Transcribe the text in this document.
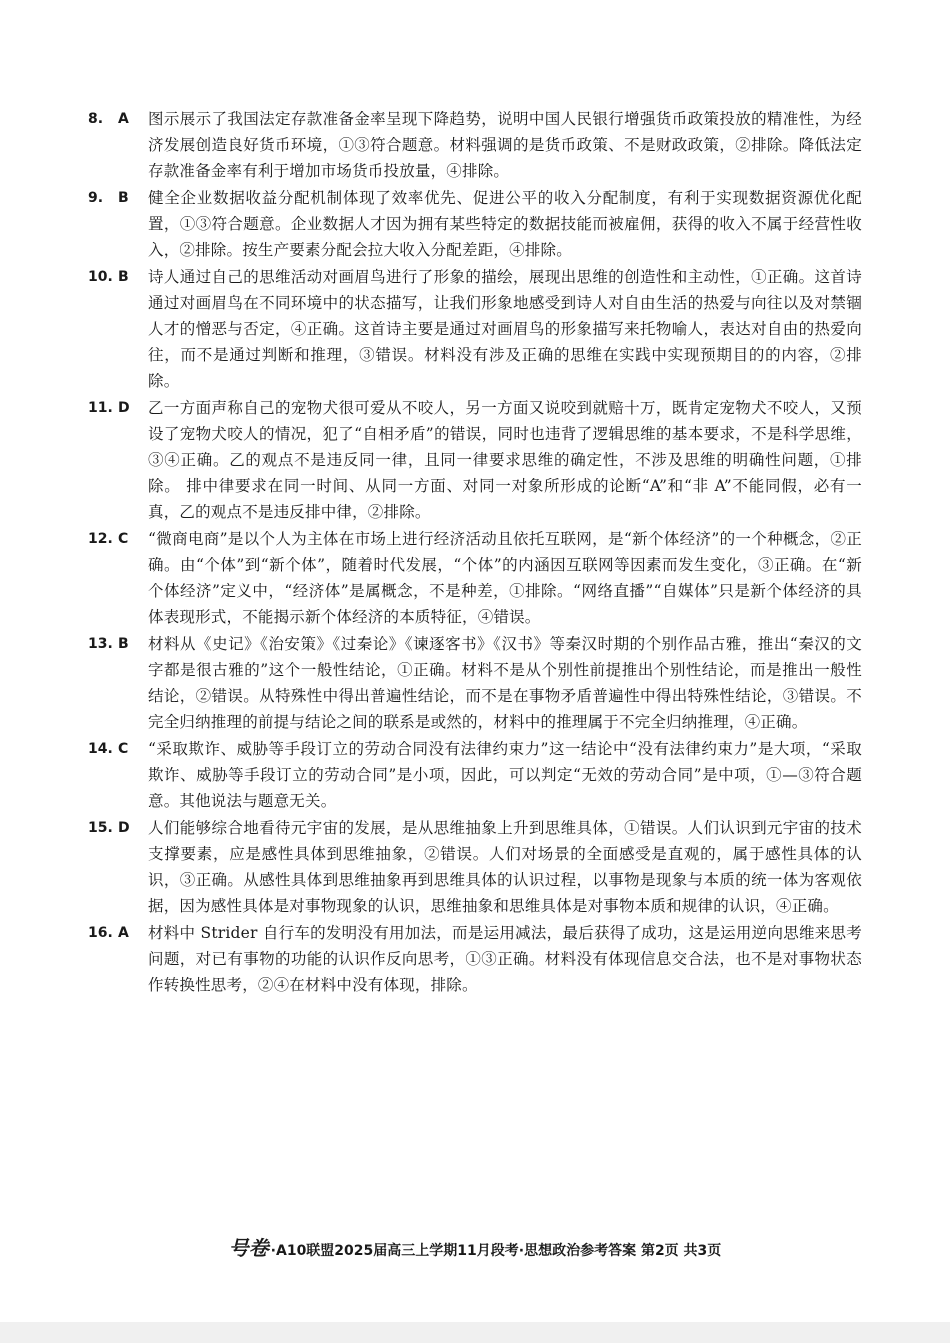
8.	A	图示展示了我国法定存款准备金率呈现下降趋势，说明中国人民银行增强货币政策投放的精准性，为经济发展创造良好货币环境，①③符合题意。材料强调的是货币政策、不是财政政策，②排除。降低法定存款准备金率有利于增加市场货币投放量，④排除。
9.	B	健全企业数据收益分配机制体现了效率优先、促进公平的收入分配制度，有利于实现数据资源优化配置，①③符合题意。企业数据人才因为拥有某些特定的数据技能而被雇佣，获得的收入不属于经营性收入，②排除。按生产要素分配会拉大收入分配差距，④排除。
10. B	诗人通过自己的思维活动对画眉鸟进行了形象的描绘，展现出思维的创造性和主动性，①正确。这首诗通过对画眉鸟在不同环境中的状态描写，让我们形象地感受到诗人对自由生活的热爱与向往以及对禁锢人才的憎恶与否定，④正确。这首诗主要是通过对画眉鸟的形象描写来托物喻人，表达对自由的热爱向往，而不是通过判断和推理，③错误。材料没有涉及正确的思维在实践中实现预期目的的内容，②排除。
11. D	乙一方面声称自己的宠物犬很可爱从不咬人，另一方面又说咬到就赔十万，既肯定宠物犬不咬人，又预设了宠物犬咬人的情况，犯了“自相矛盾”的错误，同时也违背了逻辑思维的基本要求，不是科学思维，③④正确。乙的观点不是违反同一律，且同一律要求思维的确定性，不涉及思维的明确性问题，①排除。 排中律要求在同一时间、从同一方面、对同一对象所形成的论断“A”和“非 A”不能同假，必有一真，乙的观点不是违反排中律，②排除。
12. C	“微商电商”是以个人为主体在市场上进行经济活动且依托互联网，是“新个体经济”的一个种概念，②正确。由“个体”到“新个体”，随着时代发展，“个体”的内涵因互联网等因素而发生变化，③正确。在“新个体经济”定义中，“经济体”是属概念，不是种差，①排除。“网络直播”“自媒体”只是新个体经济的具体表现形式，不能揭示新个体经济的本质特征，④错误。
13. B	材料从《史记》《治安策》《过秦论》《谏逐客书》《汉书》等秦汉时期的个别作品古雅，推出“秦汉的文字都是很古雅的”这个一般性结论，①正确。材料不是从个别性前提推出个别性结论，而是推出一般性结论，②错误。从特殊性中得出普遍性结论，而不是在事物矛盾普遍性中得出特殊性结论，③错误。不完全归纳推理的前提与结论之间的联系是或然的，材料中的推理属于不完全归纳推理，④正确。
14. C	“采取欺诈、威胁等手段订立的劳动合同没有法律约束力”这一结论中“没有法律约束力”是大项，“采取欺诈、威胁等手段订立的劳动合同”是小项，因此，可以判定“无效的劳动合同”是中项，①—③符合题意。其他说法与题意无关。
15. D	人们能够综合地看待元宇宙的发展，是从思维抽象上升到思维具体，①错误。人们认识到元宇宙的技术支撑要素，应是感性具体到思维抽象，②错误。人们对场景的全面感受是直观的，属于感性具体的认识，③正确。从感性具体到思维抽象再到思维具体的认识过程，以事物是现象与本质的统一体为客观依据，因为感性具体是对事物现象的认识，思维抽象和思维具体是对事物本质和规律的认识，④正确。
16. A	材料中 Strider 自行车的发明没有用加法，而是运用减法，最后获得了成功，这是运用逆向思维来思考问题，对已有事物的功能的认识作反向思考，①③正确。材料没有体现信息交合法，也不是对事物状态作转换性思考，②④在材料中没有体现，排除。
号卷 ·A10联盟2025届高三上学期11月段考·思想政治参考答案 第2页 共3页
